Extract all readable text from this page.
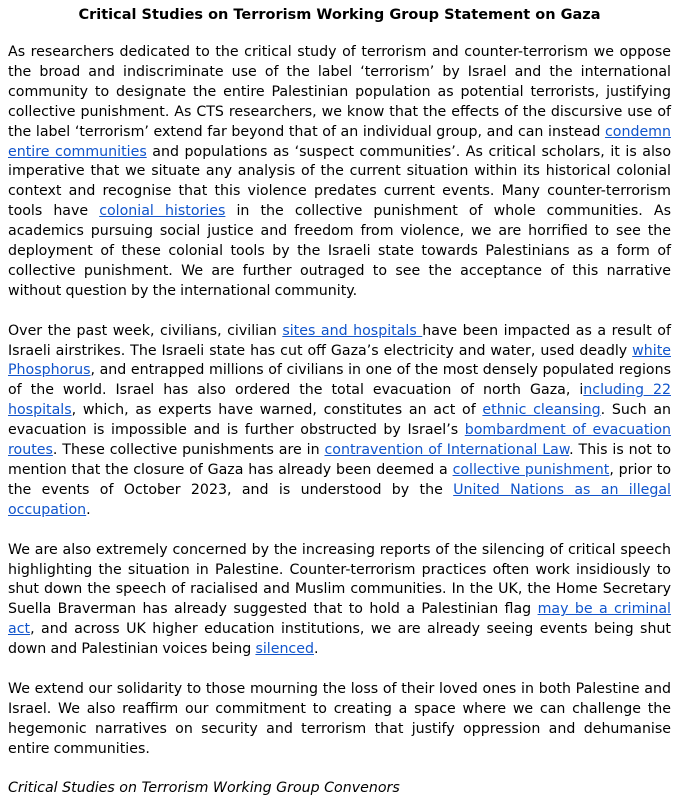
Critical Studies on Terrorism Working Group Statement on Gaza

As researchers dedicated to the critical study of terrorism and counter-terrorism we oppose the broad and indiscriminate use of the label ‘terrorism’ by Israel and the international community to designate the entire Palestinian population as potential terrorists, justifying collective punishment. As CTS researchers, we know that the effects of the discursive use of the label ‘terrorism’ extend far beyond that of an individual group, and can instead condemn entire communities and populations as ‘suspect communities’. As critical scholars, it is also imperative that we situate any analysis of the current situation within its historical colonial context and recognise that this violence predates current events. Many counter-terrorism tools have colonial histories in the collective punishment of whole communities. As academics pursuing social justice and freedom from violence, we are horrified to see the deployment of these colonial tools by the Israeli state towards Palestinians as a form of collective punishment. We are further outraged to see the acceptance of this narrative without question by the international community.

Over the past week, civilians, civilian sites and hospitals have been impacted as a result of Israeli airstrikes. The Israeli state has cut off Gaza’s electricity and water, used deadly white Phosphorus, and entrapped millions of civilians in one of the most densely populated regions of the world. Israel has also ordered the total evacuation of north Gaza, including 22 hospitals, which, as experts have warned, constitutes an act of ethnic cleansing. Such an evacuation is impossible and is further obstructed by Israel’s bombardment of evacuation routes. These collective punishments are in contravention of International Law. This is not to mention that the closure of Gaza has already been deemed a collective punishment, prior to the events of October 2023, and is understood by the United Nations as an illegal occupation.

We are also extremely concerned by the increasing reports of the silencing of critical speech highlighting the situation in Palestine. Counter-terrorism practices often work insidiously to shut down the speech of racialised and Muslim communities. In the UK, the Home Secretary Suella Braverman has already suggested that to hold a Palestinian flag may be a criminal act, and across UK higher education institutions, we are already seeing events being shut down and Palestinian voices being silenced.

We extend our solidarity to those mourning the loss of their loved ones in both Palestine and Israel. We also reaffirm our commitment to creating a space where we can challenge the hegemonic narratives on security and terrorism that justify oppression and dehumanise entire communities.

Critical Studies on Terrorism Working Group Convenors
